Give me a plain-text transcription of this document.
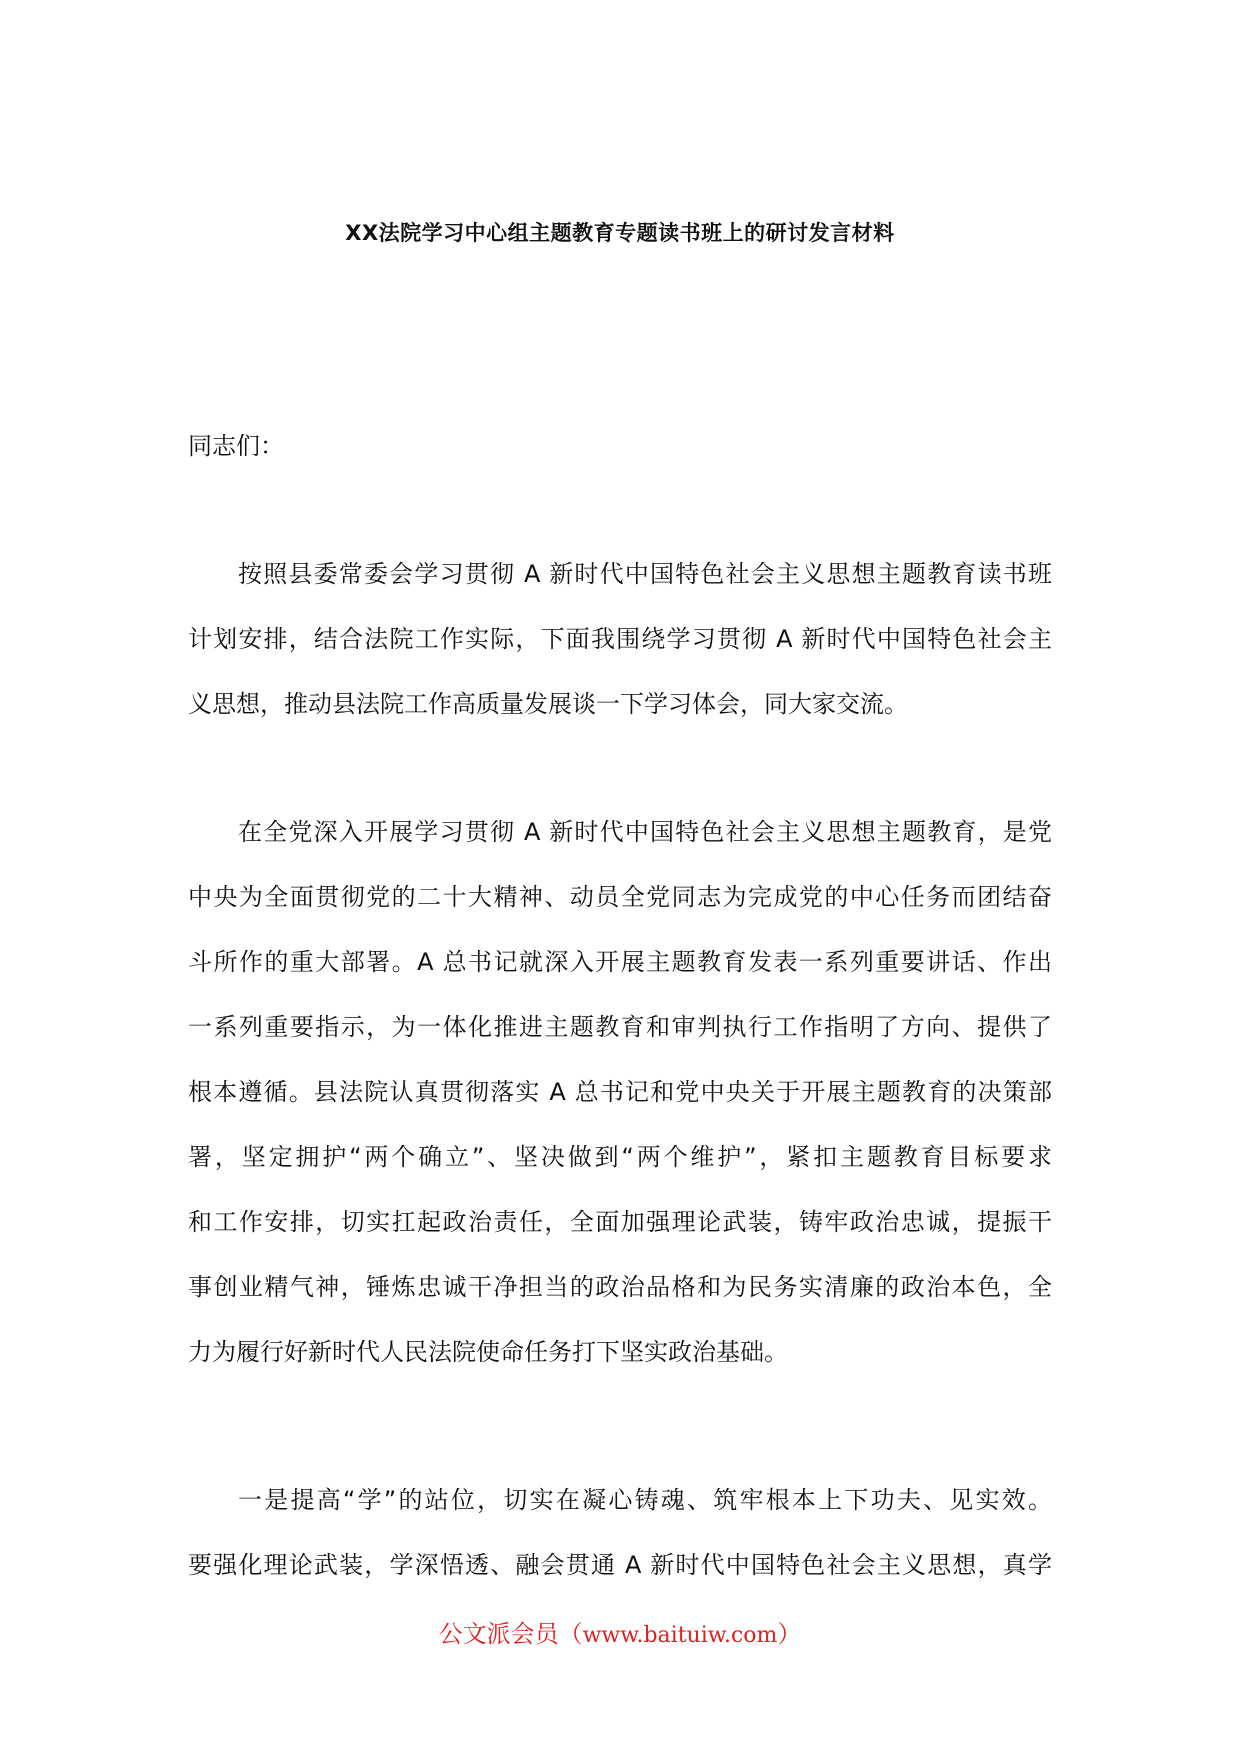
XX法院学习中心组主题教育专题读书班上的研讨发言材料
同志们：
按照县委常委会学习贯彻 A 新时代中国特色社会主义思想主题教育读书班
计划安排，结合法院工作实际，下面我围绕学习贯彻 A 新时代中国特色社会主
义思想，推动县法院工作高质量发展谈一下学习体会，同大家交流。
在全党深入开展学习贯彻 A 新时代中国特色社会主义思想主题教育，是党
中央为全面贯彻党的二十大精神、动员全党同志为完成党的中心任务而团结奋
斗所作的重大部署。A 总书记就深入开展主题教育发表一系列重要讲话、作出
一系列重要指示，为一体化推进主题教育和审判执行工作指明了方向、提供了
根本遵循。县法院认真贯彻落实 A 总书记和党中央关于开展主题教育的决策部
署，坚定拥护“两个确立”、坚决做到“两个维护”，紧扣主题教育目标要求
和工作安排，切实扛起政治责任，全面加强理论武装，铸牢政治忠诚，提振干
事创业精气神，锤炼忠诚干净担当的政治品格和为民务实清廉的政治本色，全
力为履行好新时代人民法院使命任务打下坚实政治基础。
一是提高“学”的站位，切实在凝心铸魂、筑牢根本上下功夫、见实效。
要强化理论武装，学深悟透、融会贯通 A 新时代中国特色社会主义思想，真学
公文派会员（www.baituiw.com）
